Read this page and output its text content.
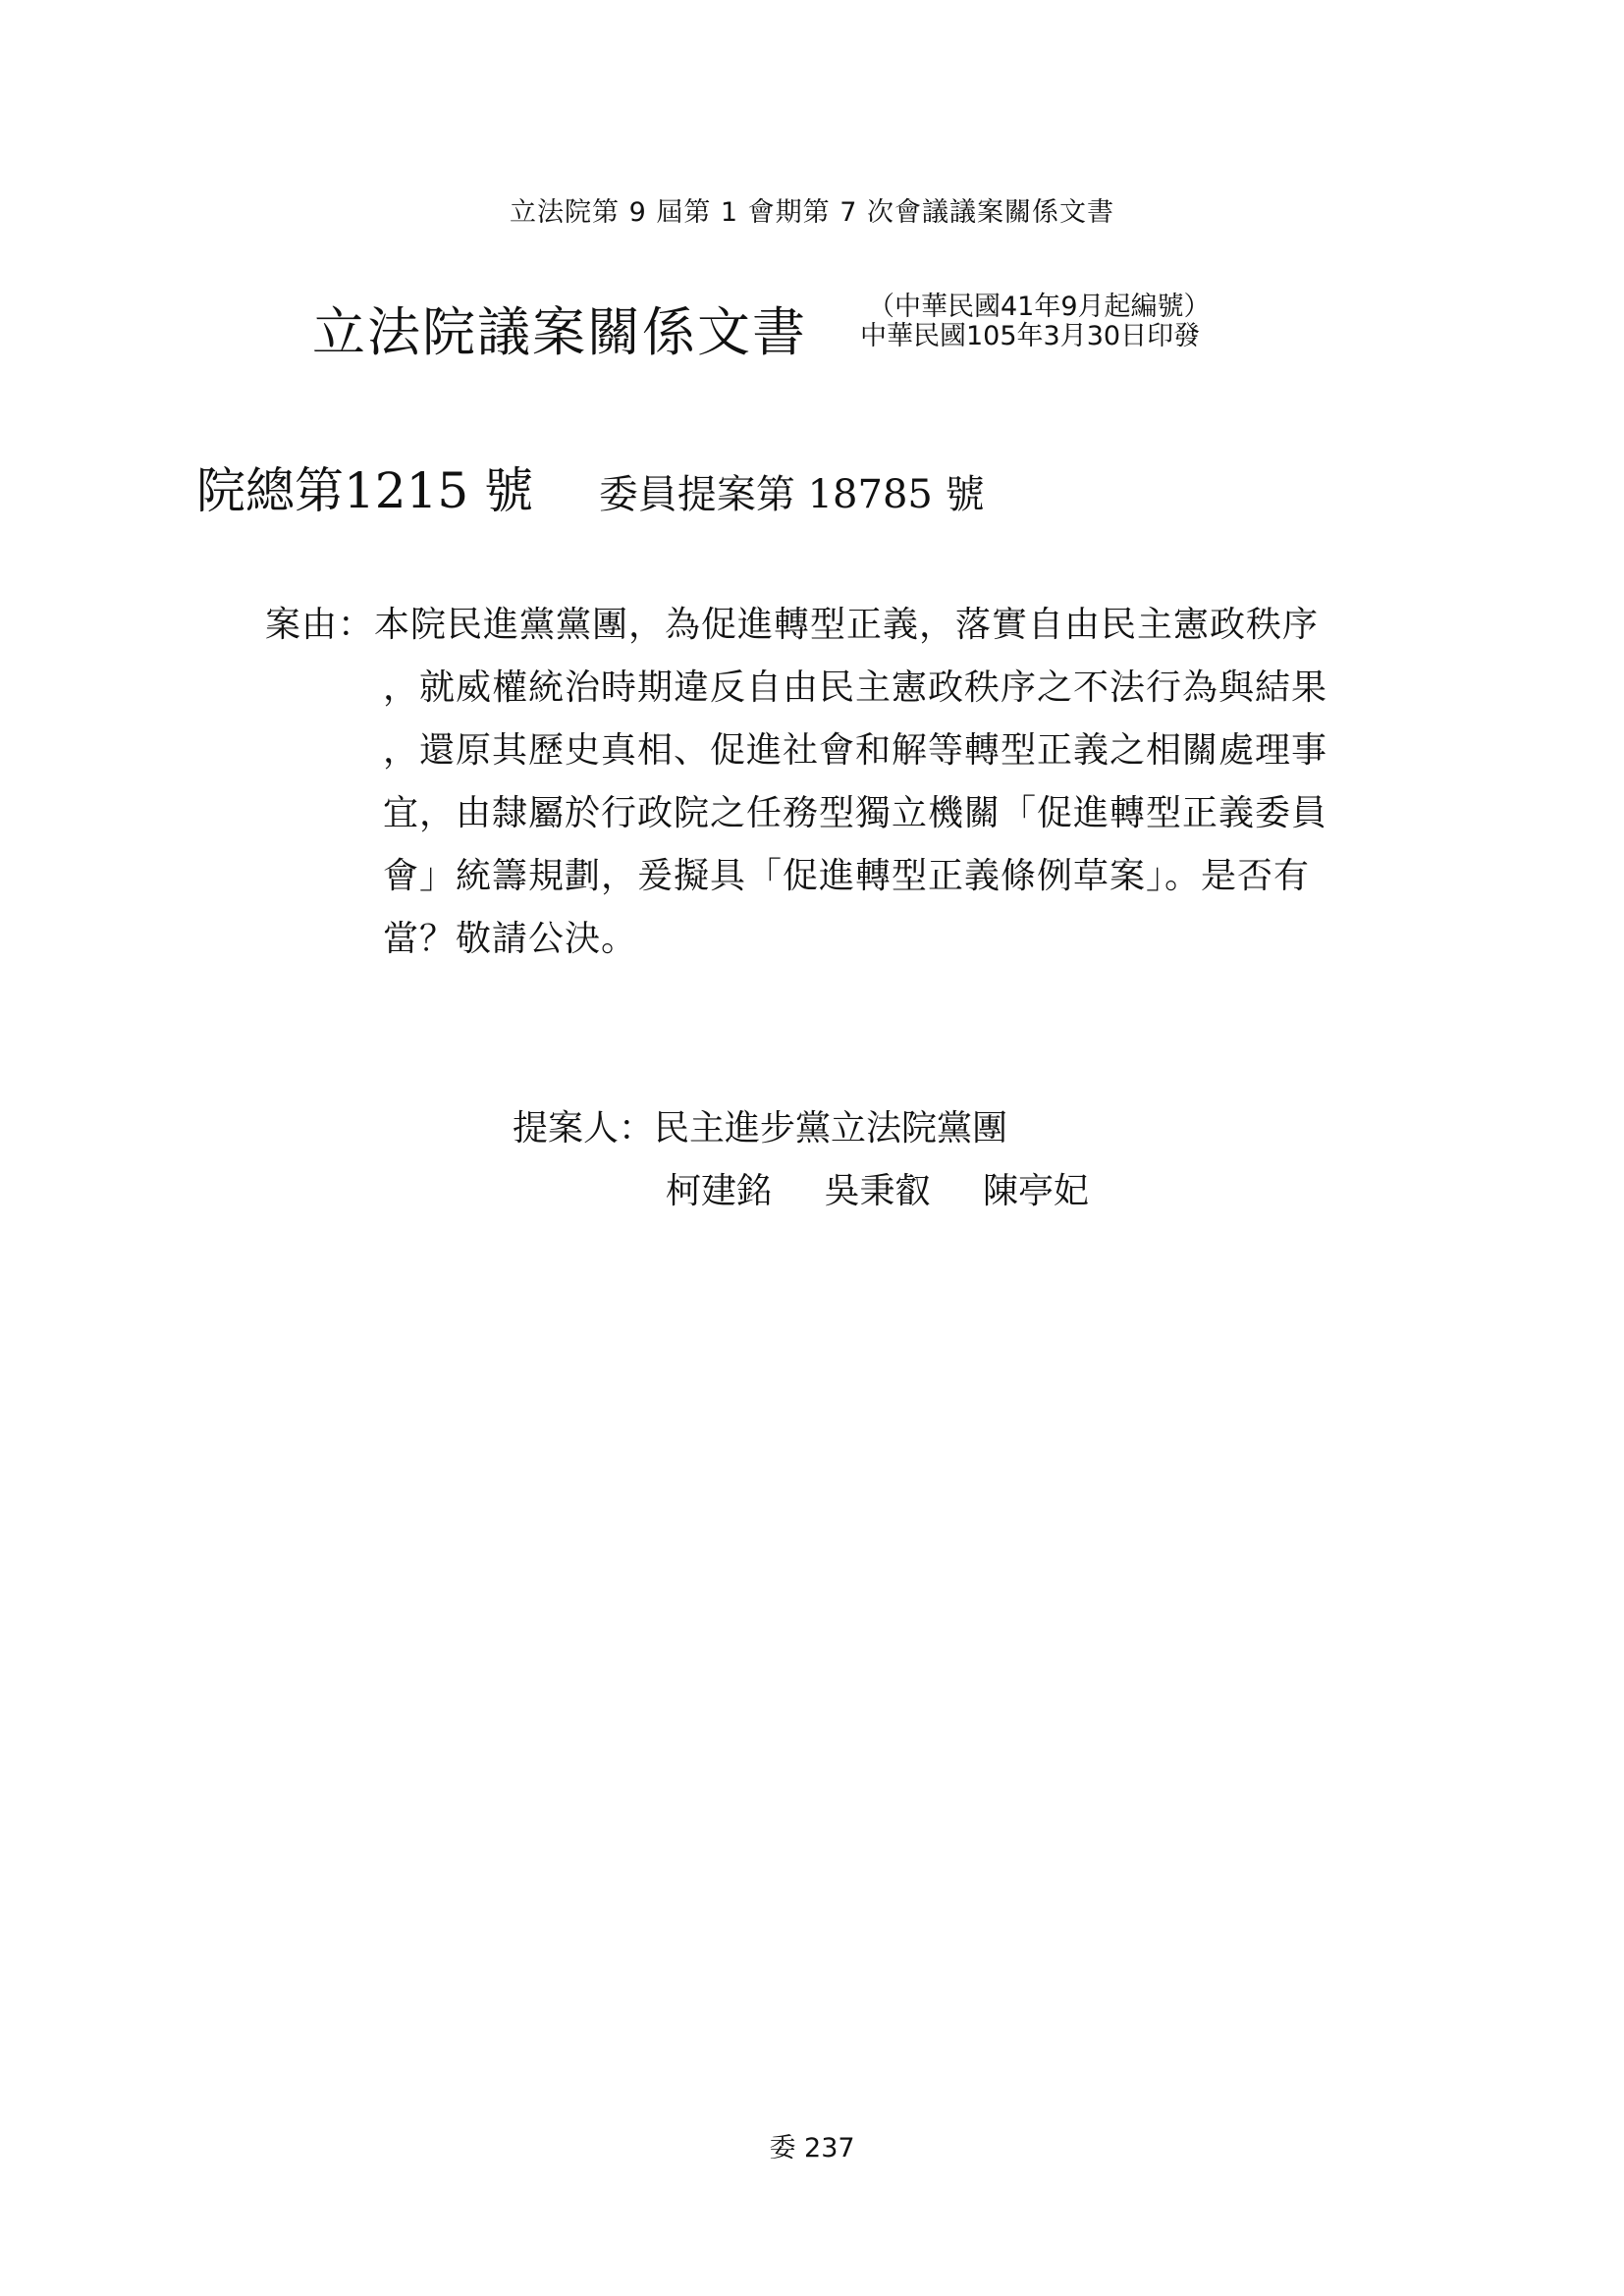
立法院第 9 屆第 1 會期第 7 次會議議案關係文書
立法院議案關係文書 （中華民國41年9月起編號）
中華民國105年3月30日印發
院總第1215 號 委員提案第 18785 號
案由：本院民進黨黨團，為促進轉型正義，落實自由民主憲政秩序
，就威權統治時期違反自由民主憲政秩序之不法行為與結果
，還原其歷史真相、促進社會和解等轉型正義之相關處理事
宜，由隸屬於行政院之任務型獨立機關「促進轉型正義委員
會」統籌規劃，爰擬具「促進轉型正義條例草案」。是否有
當？敬請公決。
提案人：民主進步黨立法院黨團
柯建銘 吳秉叡 陳亭妃
委 237
